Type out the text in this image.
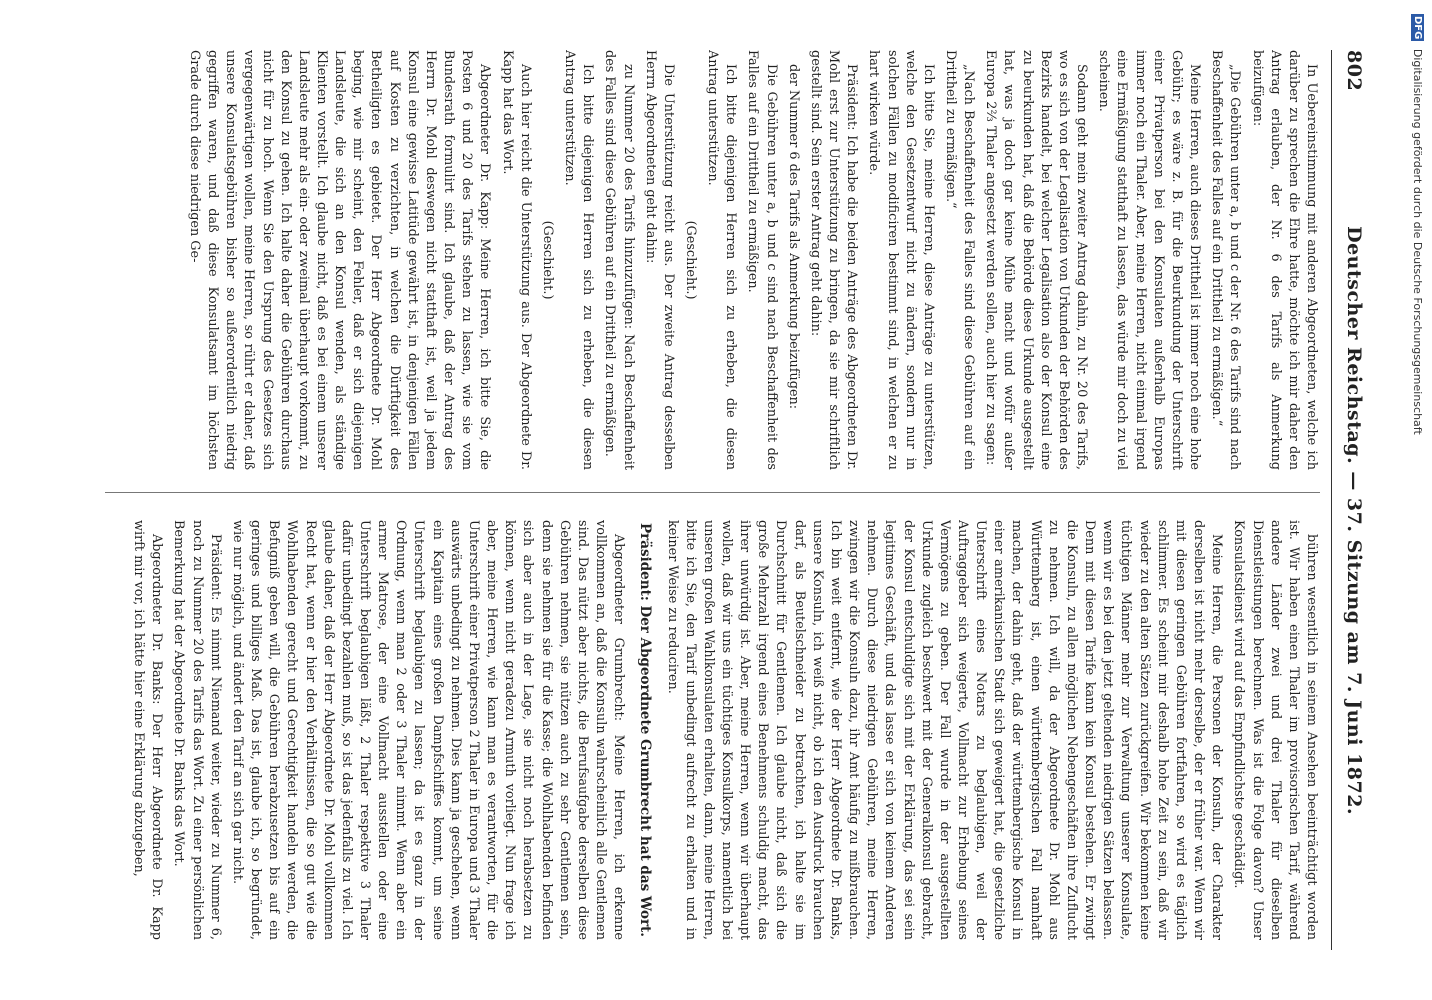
802
Deutscher Reichstag. — 37. Sitzung am 7. Juni 1872.

In Uebereinstimmung mit anderen Abgeordneten, welche ich darüber zu sprechen die Ehre hatte, möchte ich mir daher den Antrag erlauben, der Nr. 6 des Tarifs als Anmerkung beizufügen:

„Die Gebühren unter a, b und c der Nr. 6 des Tarifs sind nach Beschaffenheit des Falles auf ein Drittheil zu ermäßigen.“

Meine Herren, auch dieses Drittheil ist immer noch eine hohe Gebühr; es wäre z. B. für die Beurkundung der Unterschrift einer Privatperson bei den Konsulaten außerhalb Europas immer noch ein Thaler. Aber, meine Herren, nicht einmal irgend eine Ermäßigung statthaft zu lassen, das würde mir doch zu viel scheinen.

Sodann geht mein zweiter Antrag dahin, zu Nr. 20 des Tarifs, wo es sich von der Legalisation von Urkunden der Behörden des Bezirks handelt, bei welcher Legalisation also der Konsul eine zu beurkunden hat, daß die Behörde diese Urkunde ausgestellt hat, was ja doch gar keine Mühe macht und wofür außer Europa 2⅔ Thaler angesetzt werden sollen, auch hier zu sagen:

„Nach Beschaffenheit des Falles sind diese Gebühren auf ein Drittheil zu ermäßigen.“

Ich bitte Sie, meine Herren, diese Anträge zu unterstützen, welche den Gesetzentwurf nicht zu ändern, sondern nur in solchen Fällen zu modificiren bestimmt sind, in welchen er zu hart wirken würde.

Präsident: Ich habe die beiden Anträge des Abgeordneten Dr. Mohl erst zur Unterstützung zu bringen, da sie mir schriftlich gestellt sind. Sein erster Antrag geht dahin:

der Nummer 6 des Tarifs als Anmerkung beizufügen:

Die Gebühren unter a, b und c sind nach Beschaffenheit des Falles auf ein Drittheil zu ermäßigen.

Ich bitte diejenigen Herren sich zu erheben, die diesen Antrag unterstützen.

(Geschieht.)

Die Unterstützung reicht aus. Der zweite Antrag desselben Herrn Abgeordneten geht dahin:

zu Nummer 20 des Tarifs hinzuzufügen: Nach Beschaffenheit des Falles sind diese Gebühren auf ein Drittheil zu ermäßigen.

Ich bitte diejenigen Herren sich zu erheben, die diesen Antrag unterstützen.

(Geschieht.)

Auch hier reicht die Unterstützung aus. Der Abgeordnete Dr. Kapp hat das Wort.

Abgeordneter Dr. Kapp: Meine Herren, ich bitte Sie, die Posten 6 und 20 des Tarifs stehen zu lassen, wie sie vom Bundesrath formulirt sind. Ich glaube, daß der Antrag des Herrn Dr. Mohl deswegen nicht statthaft ist, weil ja jedem Konsul eine gewisse Latitüde gewährt ist, in denjenigen Fällen auf Kosten zu verzichten, in welchen die Dürftigkeit des Betheiligten es gebietet. Der Herr Abgeordnete Dr. Mohl beging, wie mir scheint, den Fehler, daß er sich diejenigen Landsleute, die sich an den Konsul wenden, als ständige Klienten vorstellt. Ich glaube nicht, daß es bei einem unserer Landsleute mehr als ein- oder zweimal überhaupt vorkommt, zu den Konsul zu gehen. Ich halte daher die Gebühren durchaus nicht für zu hoch. Wenn Sie den Ursprung des Gesetzes sich vergegenwärtigen wollen, meine Herren, so rührt er daher, daß unsere Konsulatsgebühren bisher so außerordentlich niedrig gegriffen waren, und daß diese Konsulatsamt im höchsten Grade durch diese niedrigen Ge-

bühren wesentlich in seinem Ansehen beeinträchtigt worden ist. Wir haben einen Thaler im provisorischen Tarif, während andere Länder zwei und drei Thaler für dieselben Dienstleistungen berechnen. Was ist die Folge davon? Unser Konsulatsdienst wird auf das Empfindlichste geschädigt.

Meine Herren, die Personen der Konsuln, der Charakter derselben ist nicht mehr derselbe, der er früher war. Wenn wir mit diesen geringen Gebühren fortfahren, so wird es täglich schlimmer. Es scheint mir deshalb hohe Zeit zu sein, daß wir wieder zu den alten Sätzen zurückgreifen. Wir bekommen keine tüchtigen Männer mehr zur Verwaltung unserer Konsulate, wenn wir es bei den jetzt geltenden niedrigen Sätzen belassen. Denn mit diesen Tarife kann kein Konsul bestehen. Er zwingt die Konsuln, zu allen möglichen Nebengeschäften ihre Zuflucht zu nehmen. Ich will, da der Abgeordnete Dr. Mohl aus Württemberg ist, einen württembergischen Fall namhaft machen, der dahin geht, daß der württembergische Konsul in einer amerikanischen Stadt sich geweigert hat, die gesetzliche Unterschrift eines Notars zu beglaubigen, weil der Auftraggeber sich weigerte, Vollmacht zur Erhebung seines Vermögens zu geben. Der Fall wurde in der ausgestellten Urkunde zugleich beschwert mit der Generalkonsul gebracht, der Konsul entschuldigte sich mit der Erklärung, das sei sein legitimes Geschäft, und das lasse er sich von keinem Anderen nehmen. Durch diese niedrigen Gebühren, meine Herren, zwingen wir die Konsuln dazu, ihr Amt häufig zu mißbrauchen. Ich bin weit entfernt, wie der Herr Abgeordnete Dr. Banks, unsere Konsuln, ich weiß nicht, ob ich den Ausdruck brauchen darf, als Beutelschneider zu betrachten, ich halte sie im Durchschnitt für Gentlemen. Ich glaube nicht, daß sich die große Mehrzahl irgend eines Benehmens schuldig macht, das ihrer unwürdig ist. Aber, meine Herren, wenn wir überhaupt wollen, daß wir uns ein tüchtiges Konsulkorps, namentlich bei unseren großen Wahlkonsulaten erhalten, dann, meine Herren, bitte ich Sie, den Tarif unbedingt aufrecht zu erhalten und in keiner Weise zu reduciren.

Präsident: Der Abgeordnete Grumbrecht hat das Wort.

Abgeordneter Grumbrecht: Meine Herren, ich erkenne vollkommen an, daß die Konsuln wahrscheinlich alle Gentlemen sind. Das nützt aber nichts, die Berufsaufgabe derselben diese Gebühren nehmen, sie nützen auch zu sehr Gentlemen sein, denn sie nehmen sie für die Kasse; die Wohlhabenden befinden sich aber auch in der Lage, sie nicht noch herabsetzen zu können, wenn nicht geradezu Armuth vorliegt. Nun frage ich aber, meine Herren, wie kann man es verantworten, für die Unterschrift einer Privatperson 2 Thaler in Europa und 3 Thaler auswärts unbedingt zu nehmen. Dies kann ja geschehen, wenn ein Kapitain eines großen Dampfschiffes kommt, um seine Unterschrift beglaubigen zu lassen; da ist es ganz in der Ordnung, wenn man 2 oder 3 Thaler nimmt. Wenn aber ein armer Matrose, der eine Vollmacht ausstellen oder eine Unterschrift beglaubigen läßt, 2 Thaler respektive 3 Thaler dafür unbedingt bezahlen muß, so ist das jedenfalls zu viel. Ich glaube daher, daß der Herr Abgeordnete Dr. Mohl vollkommen Recht hat, wenn er hier den Verhältnissen, die so gut wie die Wohlhabenden gerecht und Gerechtigkeit handeln werden, die Befugniß geben will, die Gebühren herabzusetzen bis auf ein geringes und billiges Maß. Das ist, glaube ich, so begründet, wie nur möglich, und ändert den Tarif an sich gar nicht.

Präsident: Es nimmt Niemand weiter, wieder zu Nummer 6, noch zu Nummer 20 des Tarifs das Wort. Zu einer persönlichen Bemerkung hat der Abgeordnete Dr. Banks das Wort.

Abgeordneter Dr. Banks: Der Herr Abgeordnete Dr. Kapp wirft mir vor, ich hätte hier eine Erklärung abzugeben,

DFG Digitalisierung gefördert durch die Deutsche Forschungsgemeinschaft
